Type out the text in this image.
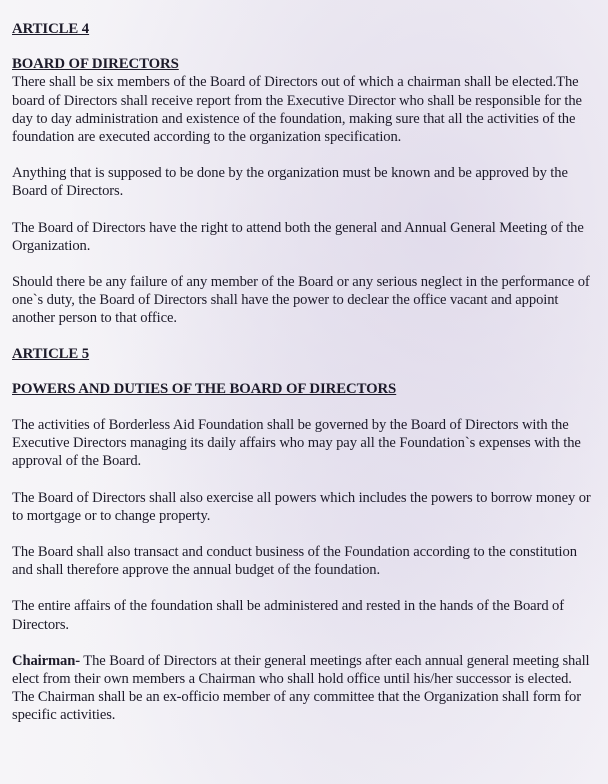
ARTICLE 4

BOARD OF DIRECTORS

There shall be six members of the Board of Directors out of which a chairman shall be elected.The board of Directors shall receive report from the Executive Director who shall be responsible for the day to day administration and existence of the foundation, making sure that all the activities of the foundation are executed according to the organization specification.

Anything that is supposed to be done by the organization must be known and be approved by the Board of Directors.

The Board of Directors have the right to attend both the general and Annual General Meeting of the Organization.

Should there be any failure of any member of the Board or any serious neglect in the performance of one`s duty, the Board of Directors shall have the power to declear the office vacant and appoint another person to that office.

ARTICLE 5

POWERS AND DUTIES OF THE BOARD OF DIRECTORS

The activities of Borderless Aid Foundation shall be governed by the Board of Directors with the Executive Directors managing its daily affairs who may pay all the Foundation`s expenses with the approval of the Board.

The Board of Directors shall also exercise all powers which includes the powers to borrow money or to mortgage or to change property.

The Board shall also transact and conduct business of the Foundation according to the constitution and shall therefore approve the annual budget of the foundation.

The entire affairs of the foundation shall be administered and rested in the hands of the Board of Directors.

Chairman- The Board of Directors at their general meetings after each annual general meeting shall elect from their own members a Chairman who shall hold office until his/her successor is elected.

The Chairman shall be an ex-officio member of any committee that the Organization shall form for specific activities.
